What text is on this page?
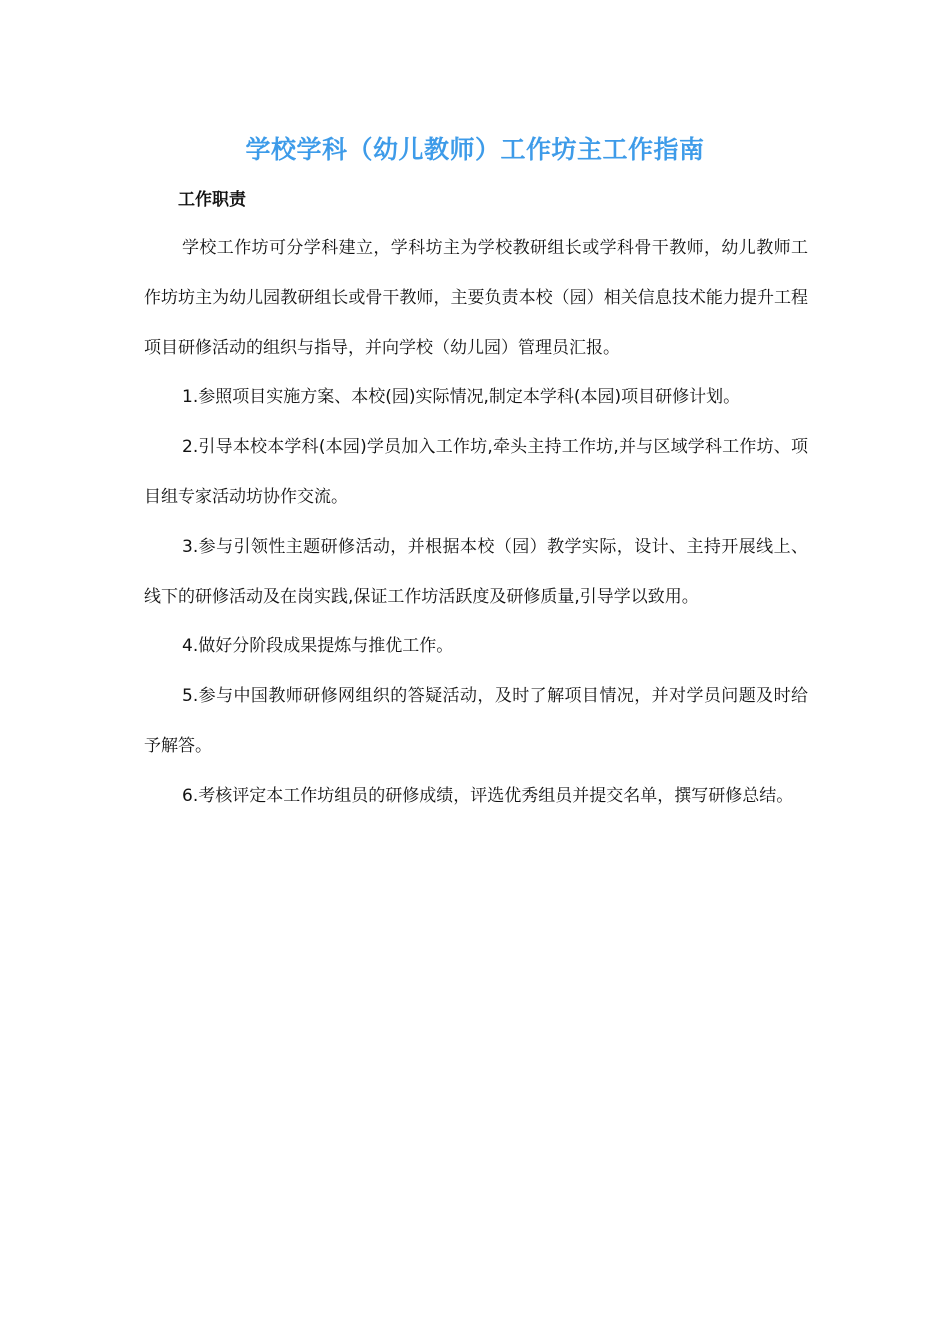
学校学科（幼儿教师）工作坊主工作指南
工作职责

学校工作坊可分学科建立，学科坊主为学校教研组长或学科骨干教师，幼儿教师工作坊坊主为幼儿园教研组长或骨干教师，主要负责本校（园）相关信息技术能力提升工程项目研修活动的组织与指导，并向学校（幼儿园）管理员汇报。

1.参照项目实施方案、本校(园)实际情况,制定本学科(本园)项目研修计划。

2.引导本校本学科(本园)学员加入工作坊,牵头主持工作坊,并与区域学科工作坊、项目组专家活动坊协作交流。

3.参与引领性主题研修活动，并根据本校（园）教学实际，设计、主持开展线上、线下的研修活动及在岗实践,保证工作坊活跃度及研修质量,引导学以致用。

4.做好分阶段成果提炼与推优工作。

5.参与中国教师研修网组织的答疑活动，及时了解项目情况，并对学员问题及时给予解答。

6.考核评定本工作坊组员的研修成绩，评选优秀组员并提交名单，撰写研修总结。
